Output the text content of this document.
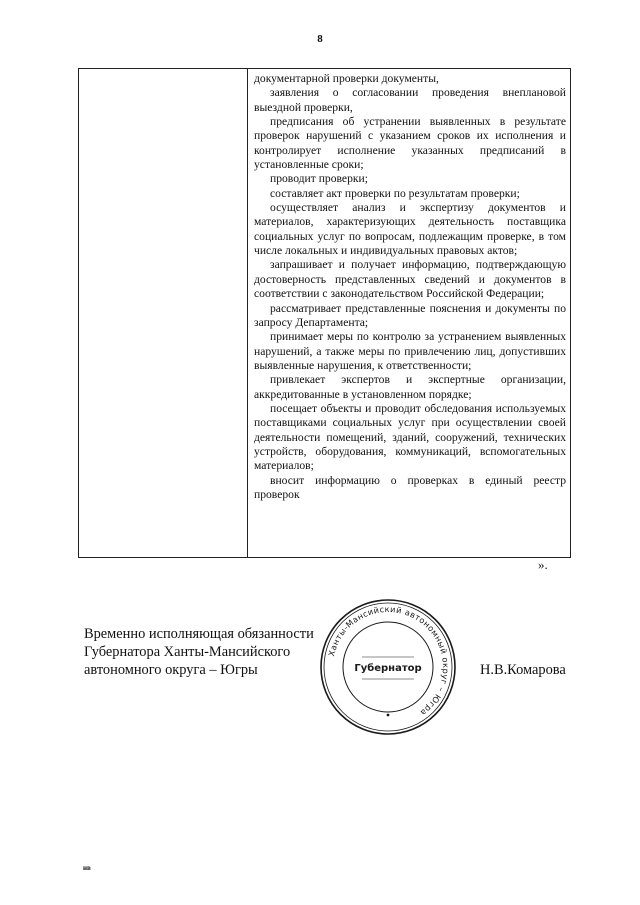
8

документарной проверки документы,

заявления о согласовании проведения внеплановой выездной проверки,

предписания об устранении выявленных в результате проверок нарушений с указанием сроков их исполнения и контролирует исполнение указанных предписаний в установленные сроки;

проводит проверки;

составляет акт проверки по результатам проверки;

осуществляет анализ и экспертизу документов и материалов, характеризующих деятельность поставщика социальных услуг по вопросам, подлежащим проверке, в том числе локальных и индивидуальных правовых актов;

запрашивает и получает информацию, подтверждающую достоверность представленных сведений и документов в соответствии с законодательством Российской Федерации;

рассматривает представленные пояснения и документы по запросу Департамента;

принимает меры по контролю за устранением выявленных нарушений, а также меры по привлечению лиц, допустивших выявленные нарушения, к ответственности;

привлекает экспертов и экспертные организации, аккредитованные в установленном порядке;

посещает объекты и проводит обследования используемых поставщиками социальных услуг при осуществлении своей деятельности помещений, зданий, сооружений, технических устройств, оборудования, коммуникаций, вспомогательных материалов;

вносит информацию о проверках в единый реестр проверок

».
Временно исполняющая обязанности
Губернатора Ханты-Мансийского
автономного округа – Югры
Ханты-Мансийский автономный округ – Югра
Губернатор	Н.В.Комарова
нв
